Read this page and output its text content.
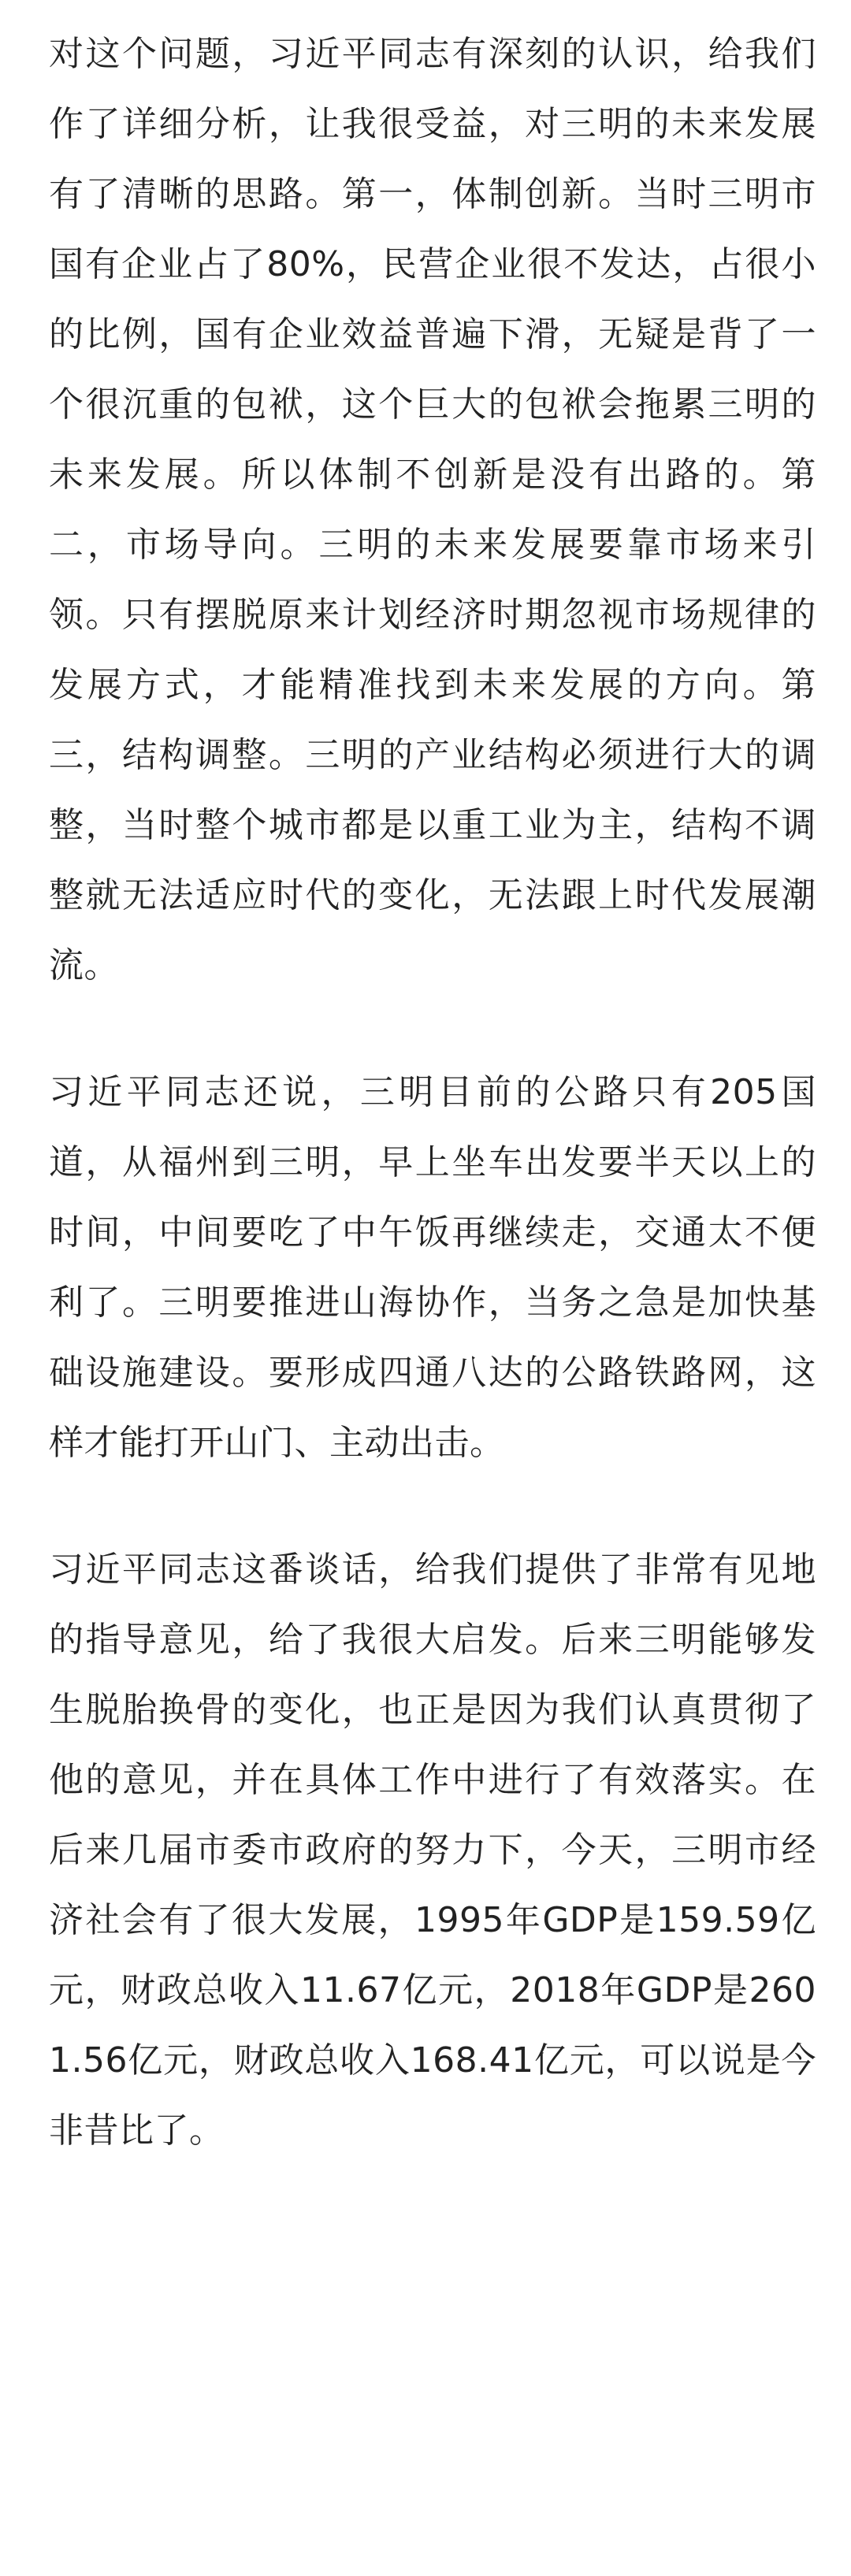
对这个问题，习近平同志有深刻的认识，给我们作了详细分析，让我很受益，对三明的未来发展有了清晰的思路。第一，体制创新。当时三明市国有企业占了80%，民营企业很不发达，占很小的比例，国有企业效益普遍下滑，无疑是背了一个很沉重的包袱，这个巨大的包袱会拖累三明的未来发展。所以体制不创新是没有出路的。第二，市场导向。三明的未来发展要靠市场来引领。只有摆脱原来计划经济时期忽视市场规律的发展方式，才能精准找到未来发展的方向。第三，结构调整。三明的产业结构必须进行大的调整，当时整个城市都是以重工业为主，结构不调整就无法适应时代的变化，无法跟上时代发展潮流。

习近平同志还说，三明目前的公路只有205国道，从福州到三明，早上坐车出发要半天以上的时间，中间要吃了中午饭再继续走，交通太不便利了。三明要推进山海协作，当务之急是加快基础设施建设。要形成四通八达的公路铁路网，这样才能打开山门、主动出击。

习近平同志这番谈话，给我们提供了非常有见地的指导意见，给了我很大启发。后来三明能够发生脱胎换骨的变化，也正是因为我们认真贯彻了他的意见，并在具体工作中进行了有效落实。在后来几届市委市政府的努力下，今天，三明市经济社会有了很大发展，1995年GDP是159.59亿元，财政总收入11.67亿元，2018年GDP是2601.56亿元，财政总收入168.41亿元，可以说是今非昔比了。
